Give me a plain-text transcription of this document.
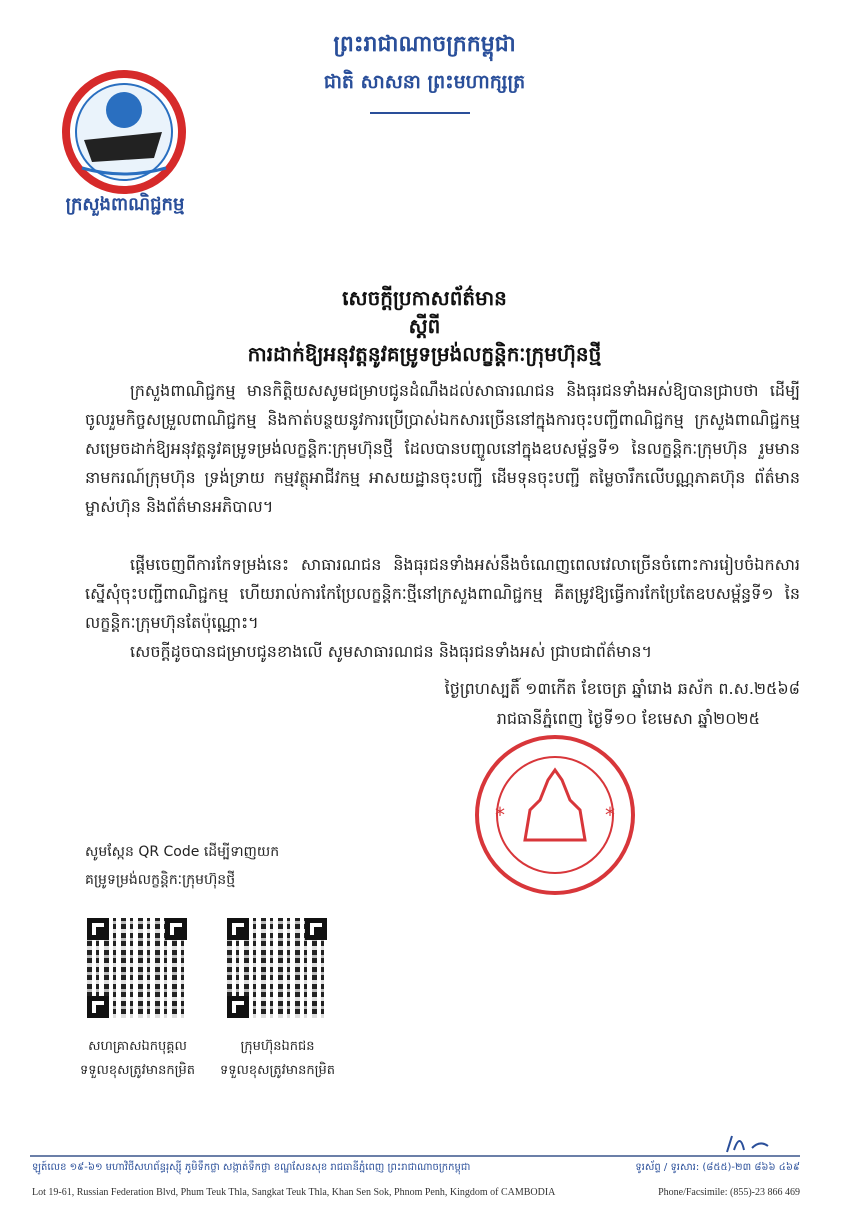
ព្រះរាជាណាចក្រកម្ពុជា
ជាតិ សាសនា ព្រះមហាក្សត្រ
ក្រសួងពាណិជ្ជកម្ម
សេចក្តីប្រកាសព័ត៌មាន
ស្តីពី
ការដាក់ឱ្យអនុវត្តនូវគម្រូទម្រង់លក្ខន្តិកៈក្រុមហ៊ុនថ្មី
ក្រសួងពាណិជ្ជកម្ម មានកិត្តិយសសូមជម្រាបជូនដំណឹងដល់សាធារណជន និងធុរជនទាំងអស់ឱ្យបានជ្រាបថា ដើម្បីចូលរួមកិច្ចសម្រួលពាណិជ្ជកម្ម និងកាត់បន្ថយនូវការប្រើប្រាស់ឯកសារច្រើននៅក្នុងការចុះបញ្ជីពាណិជ្ជកម្ម ក្រសួងពាណិជ្ជកម្មសម្រេចដាក់ឱ្យអនុវត្តនូវគម្រូទម្រង់លក្ខន្តិកៈក្រុមហ៊ុនថ្មី ដែលបានបញ្ចូលនៅក្នុងឧបសម្ព័ន្ធទី១ នៃលក្ខន្តិកៈក្រុមហ៊ុន រួមមាន នាមករណ៍ក្រុមហ៊ុន ទ្រង់ទ្រាយ កម្មវត្ថុអាជីវកម្ម អាសយដ្ឋានចុះបញ្ជី ដើមទុនចុះបញ្ជី តម្លៃចារឹកលើបណ្ណភាគហ៊ុន ព័ត៌មានម្ចាស់ហ៊ុន និងព័ត៌មានអភិបាល។
ផ្តើមចេញពីការកែទម្រង់នេះ សាធារណជន និងធុរជនទាំងអស់នឹងចំណេញពេលវេលាច្រើនចំពោះការរៀបចំឯកសារស្នើសុំចុះបញ្ជីពាណិជ្ជកម្ម ហើយរាល់ការកែប្រែលក្ខន្តិកៈថ្មីនៅក្រសួងពាណិជ្ជកម្ម គឺតម្រូវឱ្យធ្វើការកែប្រែតែឧបសម្ព័ន្ធទី១ នៃលក្ខន្តិកៈក្រុមហ៊ុនតែប៉ុណ្ណោះ។
សេចក្តីដូចបានជម្រាបជូនខាងលើ សូមសាធារណជន និងធុរជនទាំងអស់ ជ្រាបជាព័ត៌មាន។
ថ្ងៃព្រហស្បតិ៍ ១៣កើត ខែចេត្រ ឆ្នាំរោង ឆស័ក ព.ស.២៥៦៨
រាជធានីភ្នំពេញ ថ្ងៃទី១០ ខែមេសា ឆ្នាំ២០២៥
*	*
សូមស្កែន QR Code ដើម្បីទាញយក
គម្រូទម្រង់លក្ខន្តិកៈក្រុមហ៊ុនថ្មី
សហគ្រាសឯកបុគ្គល
ទទួលខុសត្រូវមានកម្រិត
ក្រុមហ៊ុនឯកជន
ទទួលខុសត្រូវមានកម្រិត
ឡូត៍លេខ ១៩-៦១ មហាវិថីសហព័ន្ធរុស្ស៊ី ភូមិទឹកថ្លា សង្កាត់ទឹកថ្លា ខណ្ឌសែនសុខ រាជធានីភ្នំពេញ ព្រះរាជាណាចក្រកម្ពុជា	ទូរស័ព្ទ / ទូរសារ: (៨៥៥)-២៣ ៨៦៦ ៤៦៩
Lot 19-61, Russian Federation Blvd, Phum Teuk Thla, Sangkat Teuk Thla, Khan Sen Sok, Phnom Penh, Kingdom of CAMBODIA	Phone/Facsimile: (855)-23 866 469
